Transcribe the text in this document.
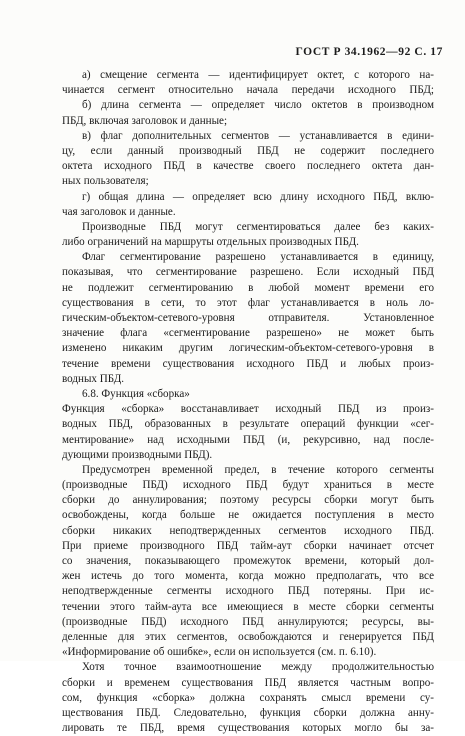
ГОСТ Р 34.1962—92 С. 17
а) смещение сегмента — идентифицирует октет, с которого на-
чинается сегмент относительно начала передачи исходного ПБД;
б) длина сегмента — определяет число октетов в производном
ПБД, включая заголовок и данные;
в) флаг дополнительных сегментов — устанавливается в едини-
цу, если данный производный ПБД не содержит последнего
октета исходного ПБД в качестве своего последнего октета дан-
ных пользователя;
г) общая длина — определяет всю длину исходного ПБД, вклю-
чая заголовок и данные.
Производные ПБД могут сегментироваться далее без каких-
либо ограничений на маршруты отдельных производных ПБД.
Флаг сегментирование разрешено устанавливается в единицу,
показывая, что сегментирование разрешено. Если исходный ПБД
не подлежит сегментированию в любой момент времени его
существования в сети, то этот флаг устанавливается в ноль ло-
гическим-объектом-сетевого-уровня отправителя. Установленное
значение флага «сегментирование разрешено» не может быть
изменено никаким другим логическим-объектом-сетевого-уровня в
течение времени существования исходного ПБД и любых произ-
водных ПБД.
6.8. Функция «сборка»
Функция «сборка» восстанавливает исходный ПБД из произ-
водных ПБД, образованных в результате операций функции «сег-
ментирование» над исходными ПБД (и, рекурсивно, над после-
дующими производными ПБД).
Предусмотрен временной предел, в течение которого сегменты
(производные ПБД) исходного ПБД будут храниться в месте
сборки до аннулирования; поэтому ресурсы сборки могут быть
освобождены, когда больше не ожидается поступления в место
сборки никаких неподтвержденных сегментов исходного ПБД.
При приеме производного ПБД тайм-аут сборки начинает отсчет
со значения, показывающего промежуток времени, который дол-
жен истечь до того момента, когда можно предполагать, что все
неподтвержденные сегменты исходного ПБД потеряны. При ис-
течении этого тайм-аута все имеющиеся в месте сборки сегменты
(производные ПБД) исходного ПБД аннулируются; ресурсы, вы-
деленные для этих сегментов, освобождаются и генерируется ПБД
«Информирование об ошибке», если он используется (см. п. 6.10).
Хотя точное взаимоотношение между продолжительностью
сборки и временем существования ПБД является частным вопро-
сом, функция «сборка» должна сохранять смысл времени су-
ществования ПБД. Следовательно, функция сборки должна анну-
лировать те ПБД, время существования которых могло бы за-
